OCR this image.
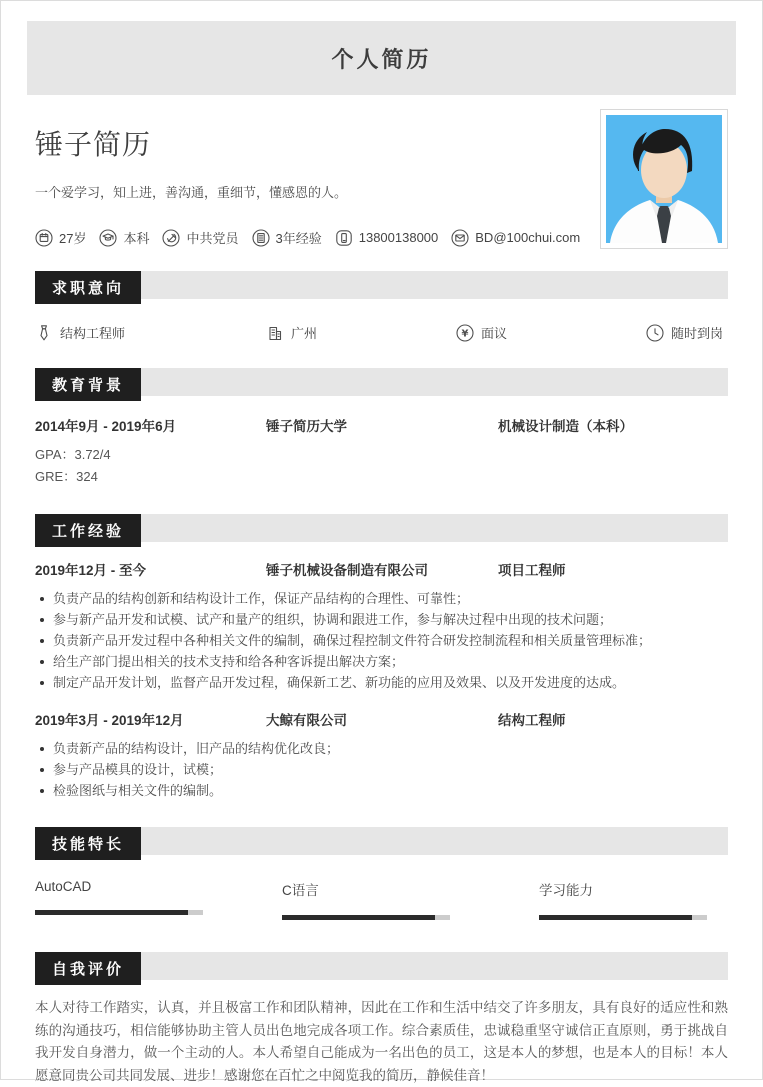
个人简历
锤子简历
一个爱学习，知上进，善沟通，重细节，懂感恩的人。
27岁	本科	中共党员	3年经验	13800138000	BD@100chui.com
求职意向
结构工程师	广州	¥ 面议	随时到岗
教育背景
2014年9月 - 2019年6月	锤子简历大学	机械设计制造（本科）
GPA：3.72/4
GRE：324
工作经验
2019年12月 - 至今	锤子机械设备制造有限公司	项目工程师
负责产品的结构创新和结构设计工作，保证产品结构的合理性、可靠性；
参与新产品开发和试模、试产和量产的组织，协调和跟进工作，参与解决过程中出现的技术问题；
负责新产品开发过程中各种相关文件的编制，确保过程控制文件符合研发控制流程和相关质量管理标准；
给生产部门提出相关的技术支持和给各种客诉提出解决方案；
制定产品开发计划，监督产品开发过程，确保新工艺、新功能的应用及效果、以及开发进度的达成。
2019年3月 - 2019年12月	大鲸有限公司	结构工程师
负责新产品的结构设计，旧产品的结构优化改良；
参与产品模具的设计，试模；
检验图纸与相关文件的编制。
技能特长
AutoCAD	C语言	学习能力
自我评价

本人对待工作踏实，认真，并且极富工作和团队精神，因此在工作和生活中结交了许多朋友，具有良好的适应性和熟练的沟通技巧，相信能够协助主管人员出色地完成各项工作。综合素质佳，忠诚稳重坚守诚信正直原则，勇于挑战自我开发自身潜力，做一个主动的人。本人希望自己能成为一名出色的员工，这是本人的梦想，也是本人的目标！本人愿意同贵公司共同发展、进步！感谢您在百忙之中阅览我的简历，静候佳音！
